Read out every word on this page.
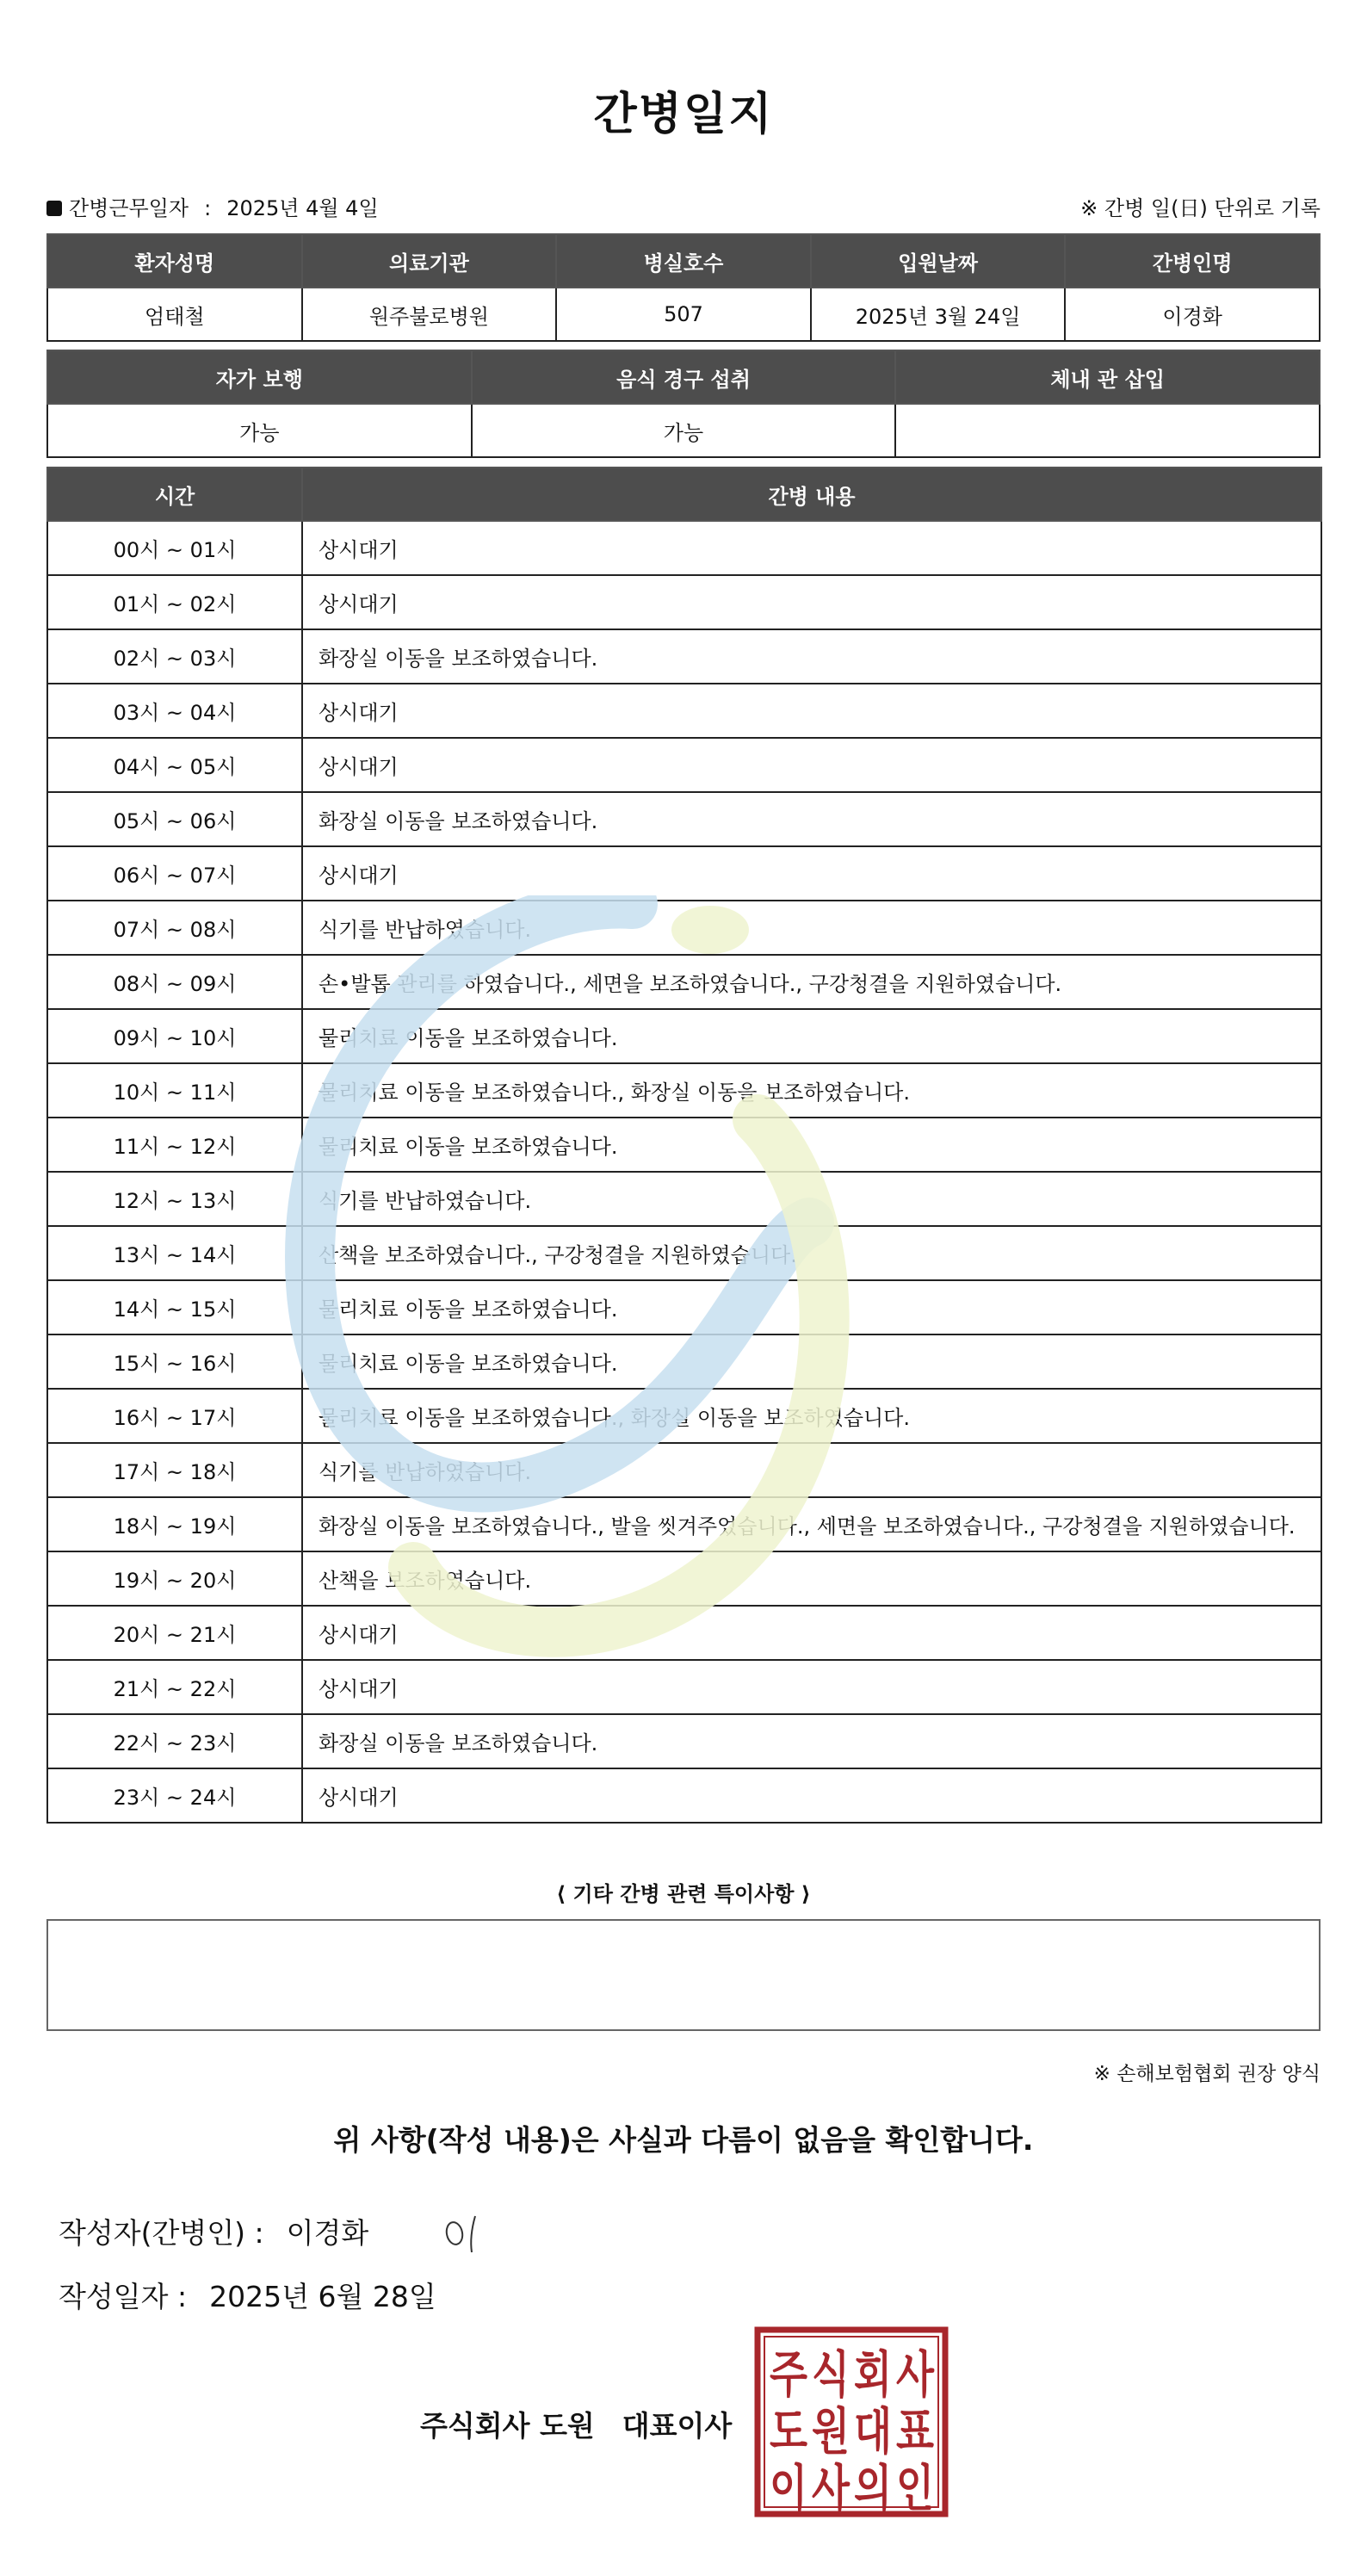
간병일지
간병근무일자 : 2025년 4월 4일	※ 간병 일(日) 단위로 기록
환자성명	의료기관	병실호수	입원날짜	간병인명
엄태철	원주불로병원	507	2025년 3월 24일	이경화
자가 보행	음식 경구 섭취	체내 관 삽입
가능	가능	
시간	간병 내용
00시 ~ 01시	상시대기
01시 ~ 02시	상시대기
02시 ~ 03시	화장실 이동을 보조하였습니다.
03시 ~ 04시	상시대기
04시 ~ 05시	상시대기
05시 ~ 06시	화장실 이동을 보조하였습니다.
06시 ~ 07시	상시대기
07시 ~ 08시	식기를 반납하였습니다.
08시 ~ 09시	손•발톱 관리를 하였습니다., 세면을 보조하였습니다., 구강청결을 지원하였습니다.
09시 ~ 10시	물리치료 이동을 보조하였습니다.
10시 ~ 11시	물리치료 이동을 보조하였습니다., 화장실 이동을 보조하였습니다.
11시 ~ 12시	물리치료 이동을 보조하였습니다.
12시 ~ 13시	식기를 반납하였습니다.
13시 ~ 14시	산책을 보조하였습니다., 구강청결을 지원하였습니다.
14시 ~ 15시	물리치료 이동을 보조하였습니다.
15시 ~ 16시	물리치료 이동을 보조하였습니다.
16시 ~ 17시	물리치료 이동을 보조하였습니다., 화장실 이동을 보조하였습니다.
17시 ~ 18시	식기를 반납하였습니다.
18시 ~ 19시	화장실 이동을 보조하였습니다., 발을 씻겨주었습니다., 세면을 보조하였습니다., 구강청결을 지원하였습니다.
19시 ~ 20시	산책을 보조하였습니다.
20시 ~ 21시	상시대기
21시 ~ 22시	상시대기
22시 ~ 23시	화장실 이동을 보조하였습니다.
23시 ~ 24시	상시대기
⟨ 기타 간병 관련 특이사항 ⟩
※ 손해보험협회 권장 양식
위 사항(작성 내용)은 사실과 다름이 없음을 확인합니다.
작성자(간병인) : 이경화
작성일자 : 2025년 6월 28일
주식회사 도원 대표이사
주 식 회 사
도 원 대 표
이 사 의 인
